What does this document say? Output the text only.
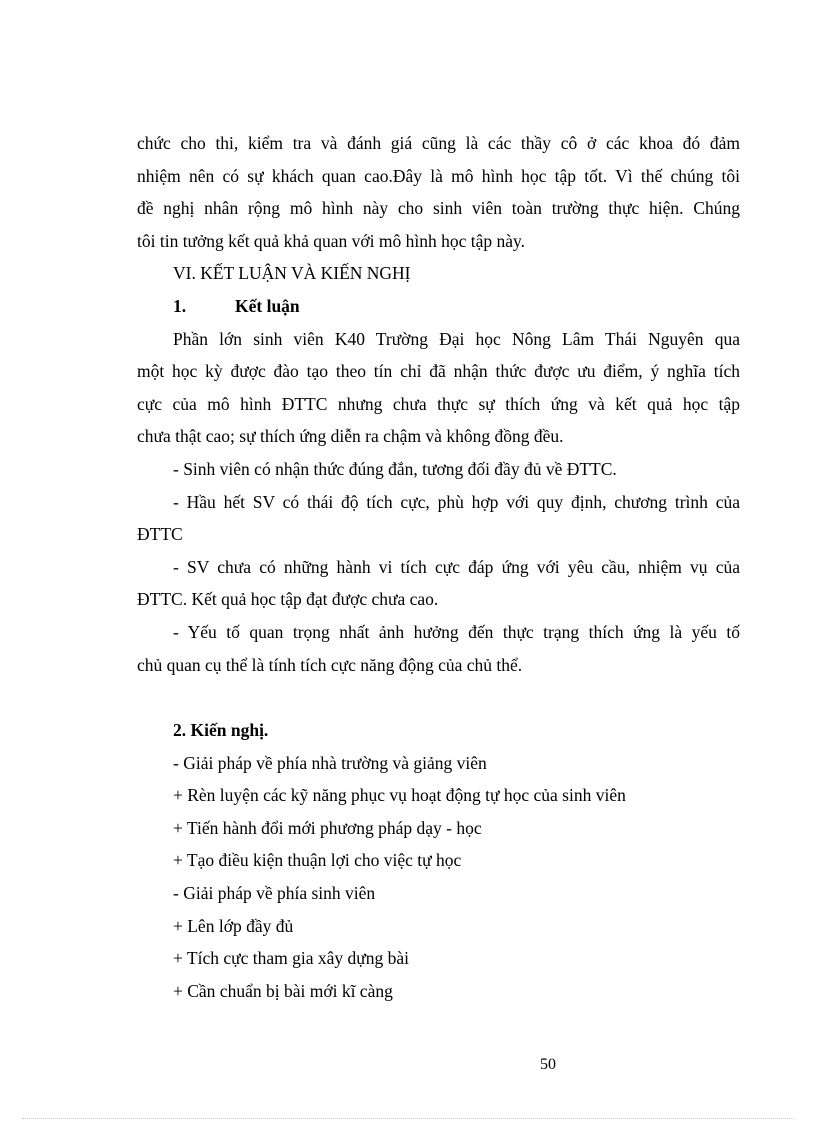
chức cho thi, kiểm tra và đánh giá cũng là các thầy cô ở các khoa đó đảm
nhiệm nên có sự khách quan cao.Đây là mô hình học tập tốt. Vì thế chúng tôi
đề nghị nhân rộng mô hình này cho sinh viên toàn trường thực hiện. Chúng
tôi tin tưởng kết quả khả quan với mô hình học tập này.
VI. KẾT LUẬN VÀ KIẾN NGHỊ
1.	Kết luận
Phần lớn sinh viên K40 Trường Đại học Nông Lâm Thái Nguyên qua
một học kỳ được đào tạo theo tín chỉ đã nhận thức được ưu điểm, ý nghĩa tích
cực của mô hình ĐTTC nhưng chưa thực sự thích ứng và kết quả học tập
chưa thật cao; sự thích ứng diễn ra chậm và không đồng đều.
- Sinh viên có nhận thức đúng đắn, tương đối đầy đủ về ĐTTC.
- Hầu hết SV có thái độ tích cực, phù hợp với quy định, chương trình của
ĐTTC
- SV chưa có những hành vi tích cực đáp ứng với yêu cầu, nhiệm vụ của
ĐTTC. Kết quả học tập đạt được chưa cao.
- Yếu tố quan trọng nhất ảnh hưởng đến thực trạng thích ứng là yếu tố
chủ quan cụ thể là tính tích cực năng động của chủ thể.
2. Kiến nghị.
- Giải pháp về phía nhà trường và giảng viên
+ Rèn luyện các kỹ năng phục vụ hoạt động tự học của sinh viên
+ Tiến hành đổi mới phương pháp dạy - học
+ Tạo điều kiện thuận lợi cho việc tự học
- Giải pháp về phía sinh viên
+ Lên lớp đầy đủ
+ Tích cực tham gia xây dựng bài
+ Cần chuẩn bị bài mới kĩ càng
50
